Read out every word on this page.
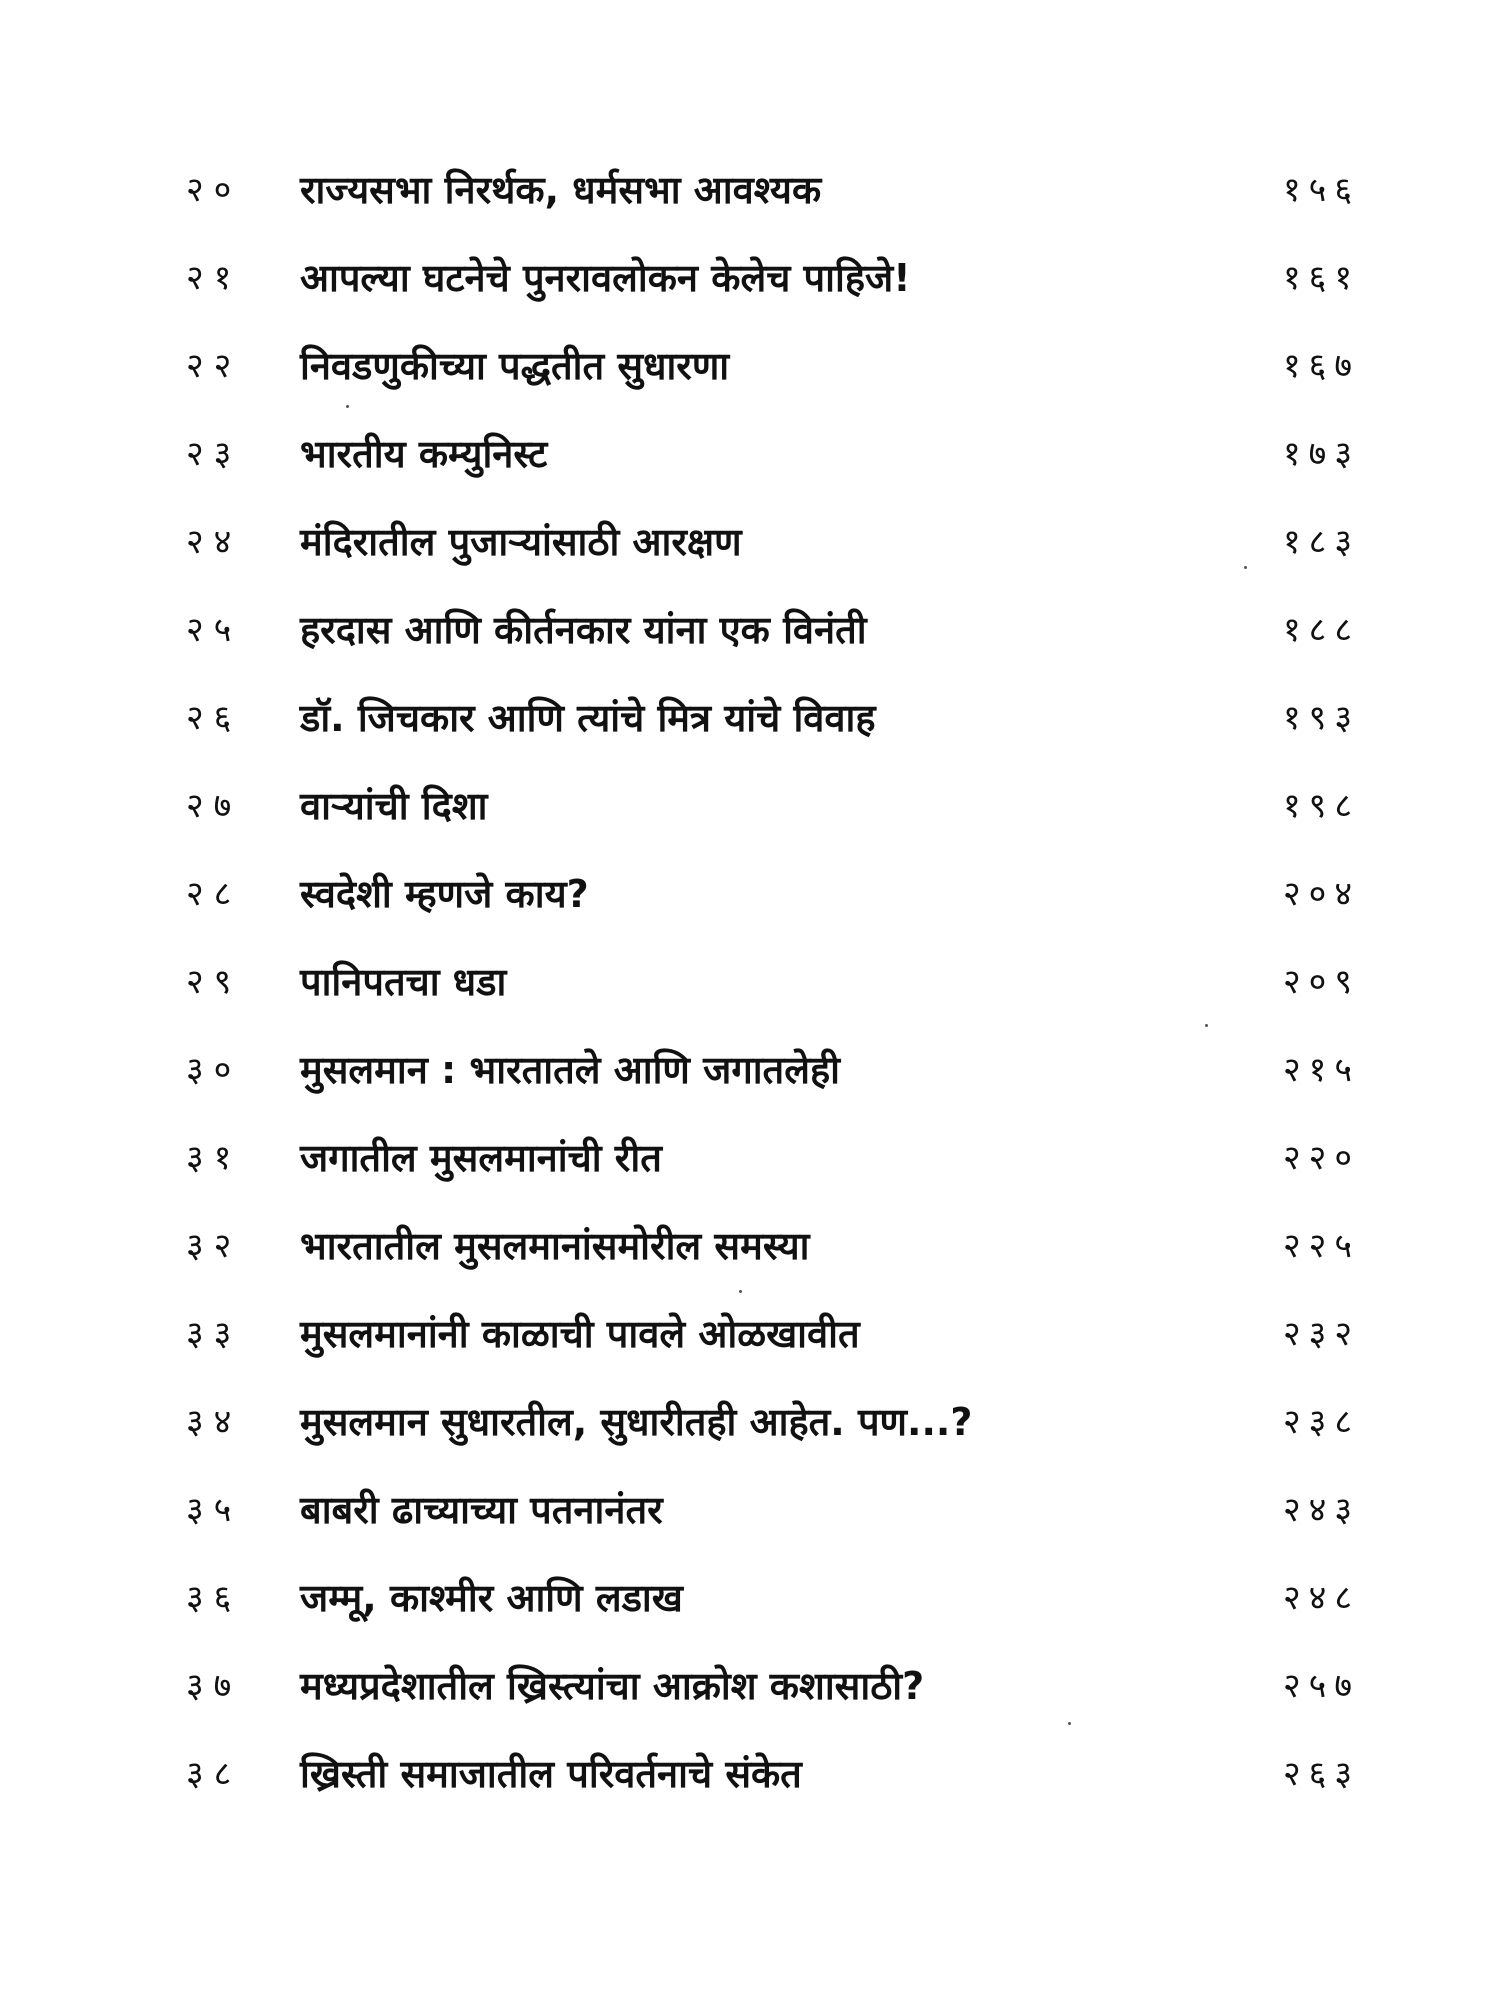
२०	राज्यसभा निरर्थक, धर्मसभा आवश्यक	१५६
२१	आपल्या घटनेचे पुनरावलोकन केलेच पाहिजे!	१६१
२२	निवडणुकीच्या पद्धतीत सुधारणा	१६७
२३	भारतीय कम्युनिस्ट	१७३
२४	मंदिरातील पुजाऱ्यांसाठी आरक्षण	१८३
२५	हरदास आणि कीर्तनकार यांना एक विनंती	१८८
२६	डॉ. जिचकार आणि त्यांचे मित्र यांचे विवाह	१९३
२७	वाऱ्यांची दिशा	१९८
२८	स्वदेशी म्हणजे काय?	२०४
२९	पानिपतचा धडा	२०९
३०	मुसलमान : भारतातले आणि जगातलेही	२१५
३१	जगातील मुसलमानांची रीत	२२०
३२	भारतातील मुसलमानांसमोरील समस्या	२२५
३३	मुसलमानांनी काळाची पावले ओळखावीत	२३२
३४	मुसलमान सुधारतील, सुधारीतही आहेत. पण...?	२३८
३५	बाबरी ढाच्याच्या पतनानंतर	२४३
३६	जम्मू, काश्मीर आणि लडाख	२४८
३७	मध्यप्रदेशातील ख्रिस्त्यांचा आक्रोश कशासाठी?	२५७
३८	ख्रिस्ती समाजातील परिवर्तनाचे संकेत	२६३
